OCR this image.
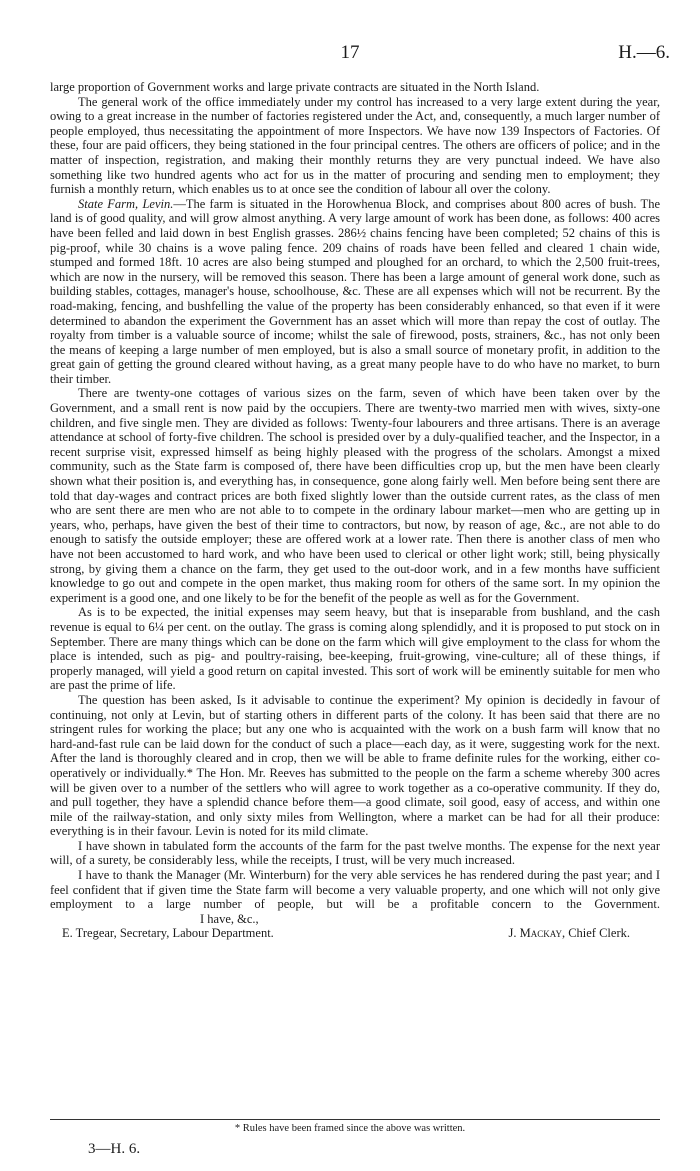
17	H.—6.

large proportion of Government works and large private contracts are situated in the North Island.

The general work of the office immediately under my control has increased to a very large extent during the year, owing to a great increase in the number of factories registered under the Act, and, consequently, a much larger number of people employed, thus necessitating the appointment of more Inspectors. We have now 139 Inspectors of Factories. Of these, four are paid officers, they being stationed in the four principal centres. The others are officers of police; and in the matter of inspection, registration, and making their monthly returns they are very punctual indeed. We have also something like two hundred agents who act for us in the matter of procuring and sending men to employment; they furnish a monthly return, which enables us to at once see the condition of labour all over the colony.

State Farm, Levin.—The farm is situated in the Horowhenua Block, and comprises about 800 acres of bush. The land is of good quality, and will grow almost anything. A very large amount of work has been done, as follows: 400 acres have been felled and laid down in best English grasses. 286½ chains fencing have been completed; 52 chains of this is pig-proof, while 30 chains is a wove paling fence. 209 chains of roads have been felled and cleared 1 chain wide, stumped and formed 18ft. 10 acres are also being stumped and ploughed for an orchard, to which the 2,500 fruit-trees, which are now in the nursery, will be removed this season. There has been a large amount of general work done, such as building stables, cottages, manager's house, schoolhouse, &c. These are all expenses which will not be recurrent. By the road-making, fencing, and bushfelling the value of the property has been considerably enhanced, so that even if it were determined to abandon the experiment the Government has an asset which will more than repay the cost of outlay. The royalty from timber is a valuable source of income; whilst the sale of firewood, posts, strainers, &c., has not only been the means of keeping a large number of men employed, but is also a small source of monetary profit, in addition to the great gain of getting the ground cleared without having, as a great many people have to do who have no market, to burn their timber.

There are twenty-one cottages of various sizes on the farm, seven of which have been taken over by the Government, and a small rent is now paid by the occupiers. There are twenty-two married men with wives, sixty-one children, and five single men. They are divided as follows: Twenty-four labourers and three artisans. There is an average attendance at school of forty-five children. The school is presided over by a duly-qualified teacher, and the Inspector, in a recent surprise visit, expressed himself as being highly pleased with the progress of the scholars. Amongst a mixed community, such as the State farm is composed of, there have been difficulties crop up, but the men have been clearly shown what their position is, and everything has, in consequence, gone along fairly well. Men before being sent there are told that day-wages and contract prices are both fixed slightly lower than the outside current rates, as the class of men who are sent there are men who are not able to to compete in the ordinary labour market—men who are getting up in years, who, perhaps, have given the best of their time to contractors, but now, by reason of age, &c., are not able to do enough to satisfy the outside employer; these are offered work at a lower rate. Then there is another class of men who have not been accustomed to hard work, and who have been used to clerical or other light work; still, being physically strong, by giving them a chance on the farm, they get used to the out-door work, and in a few months have sufficient knowledge to go out and compete in the open market, thus making room for others of the same sort. In my opinion the experiment is a good one, and one likely to be for the benefit of the people as well as for the Government.

As is to be expected, the initial expenses may seem heavy, but that is inseparable from bushland, and the cash revenue is equal to 6¼ per cent. on the outlay. The grass is coming along splendidly, and it is proposed to put stock on in September. There are many things which can be done on the farm which will give employment to the class for whom the place is intended, such as pig- and poultry-raising, bee-keeping, fruit-growing, vine-culture; all of these things, if properly managed, will yield a good return on capital invested. This sort of work will be eminently suitable for men who are past the prime of life.

The question has been asked, Is it advisable to continue the experiment? My opinion is decidedly in favour of continuing, not only at Levin, but of starting others in different parts of the colony. It has been said that there are no stringent rules for working the place; but any one who is acquainted with the work on a bush farm will know that no hard-and-fast rule can be laid down for the conduct of such a place—each day, as it were, suggesting work for the next. After the land is thoroughly cleared and in crop, then we will be able to frame definite rules for the working, either co-operatively or individually.* The Hon. Mr. Reeves has submitted to the people on the farm a scheme whereby 300 acres will be given over to a number of the settlers who will agree to work together as a co-operative community. If they do, and pull together, they have a splendid chance before them—a good climate, soil good, easy of access, and within one mile of the railway-station, and only sixty miles from Wellington, where a market can be had for all their produce: everything is in their favour. Levin is noted for its mild climate.

I have shown in tabulated form the accounts of the farm for the past twelve months. The expense for the next year will, of a surety, be considerably less, while the receipts, I trust, will be very much increased.

I have to thank the Manager (Mr. Winterburn) for the very able services he has rendered during the past year; and I feel confident that if given time the State farm will become a very valuable property, and one which will not only give employment to a large number of people, but will be a profitable concern to the Government.I have, &c.,

E. Tregear, Secretary, Labour Department.	J. Mackay, Chief Clerk.
* Rules have been framed since the above was written.
3—H. 6.
